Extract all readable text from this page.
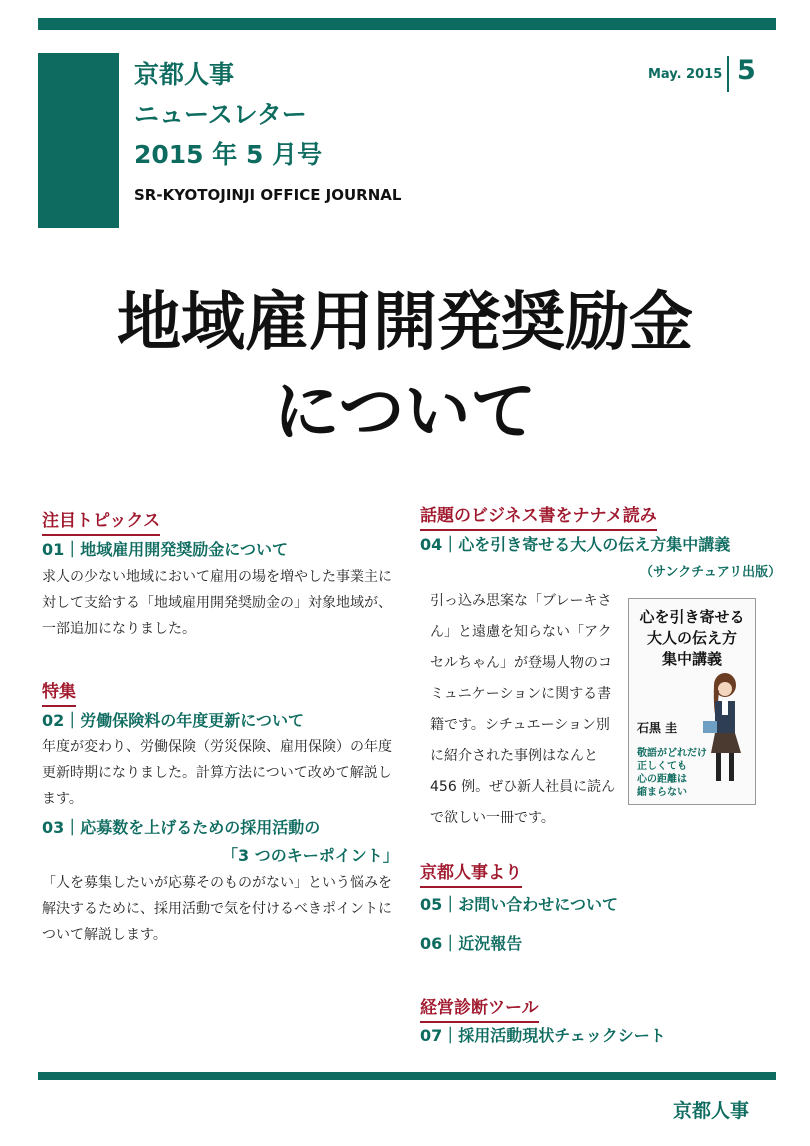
京都人事
ニュースレター
2015 年 5 月号
SR-KYOTOJINJI OFFICE JOURNAL
May. 2015 5
地域雇用開発奨励金
について
注目トピックス
01｜地域雇用開発奨励金について
求人の少ない地域において雇用の場を増やした事業主に対して支給する「地域雇用開発奨励金の」対象地域が、一部追加になりました。
特集
02｜労働保険料の年度更新について
年度が変わり、労働保険（労災保険、雇用保険）の年度更新時期になりました。計算方法について改めて解説します。
03｜応募数を上げるための採用活動の
「3 つのキーポイント」
「人を募集したいが応募そのものがない」という悩みを解決するために、採用活動で気を付けるべきポイントについて解説します。
話題のビジネス書をナナメ読み
04｜心を引き寄せる大人の伝え方集中講義
（サンクチュアリ出版）
引っ込み思案な「ブレーキさん」と遠慮を知らない「アクセルちゃん」が登場人物のコミュニケーションに関する書籍です。シチュエーション別に紹介された事例はなんと 456 例。ぜひ新人社員に読んで欲しい一冊です。
心を引き寄せる
大人の伝え方
集中講義
石黒 圭
敬語がどれだけ
正しくても
心の距離は
縮まらない
京都人事より
05｜お問い合わせについて
06｜近況報告
経営診断ツール
07｜採用活動現状チェックシート
京都人事
